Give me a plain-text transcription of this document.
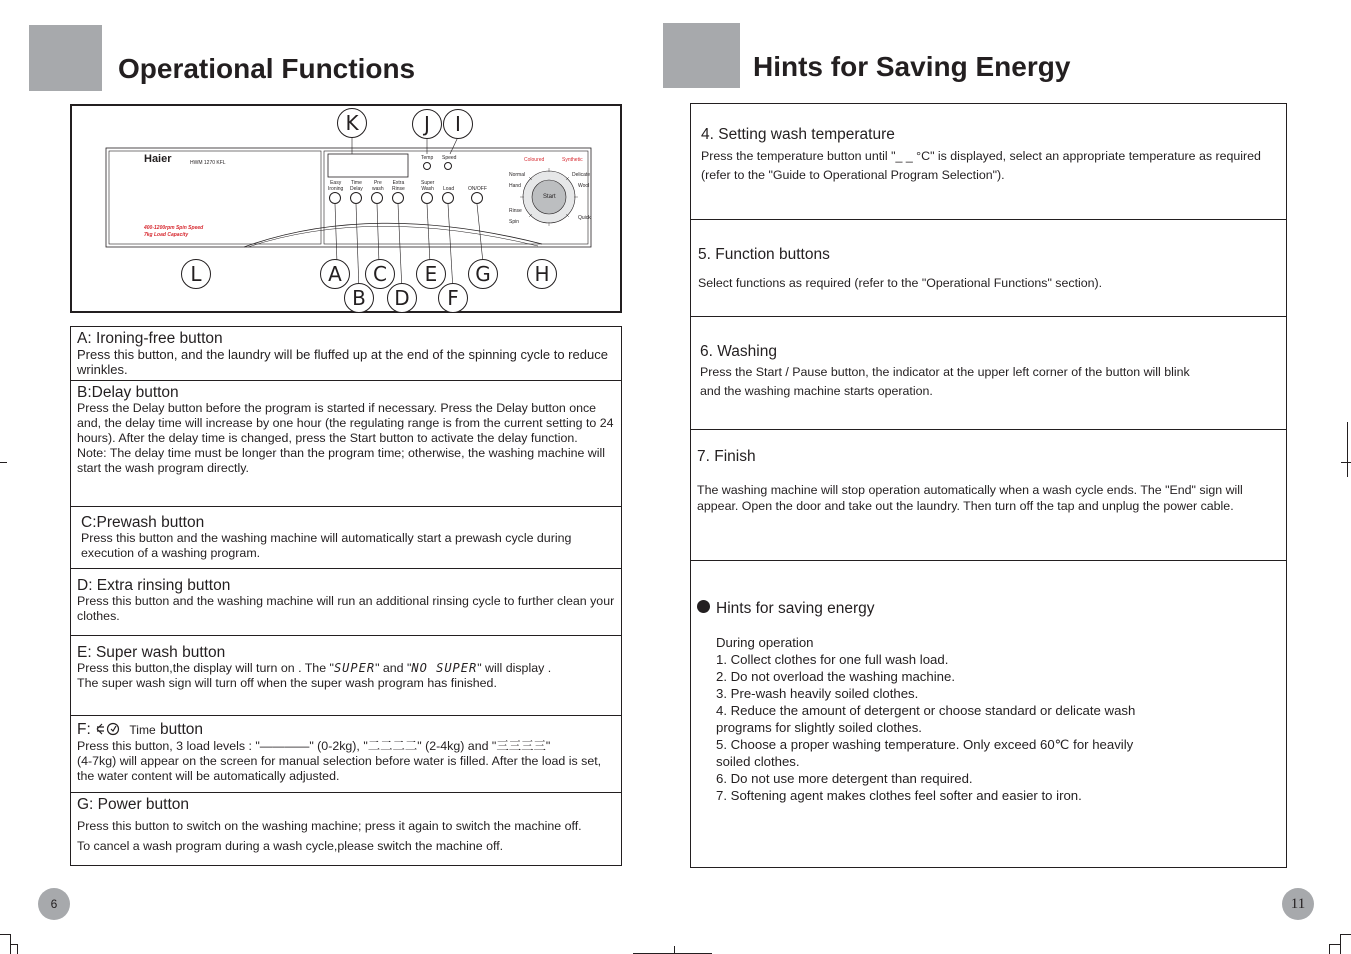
Operational Functions
Haier	HWM 1270 KFL
400-1200rpm Spin Speed
7kg Load Capacity
Temp Speed
Easy
Ironing
Time
Delay
Pre
wash
Extra
Rinse
Super
Wash Load	ON/OFF
Coloured	Synthetic
Normal	Delicate
Hand	Wool
Rinse
Spin
Quick
Start
K	J	I
L	A	C	E	G	H
B	D	F
A: Ironing-free button
Press this button, and the laundry will be fluffed up at the end of the spinning cycle to reduce wrinkles.
B:Delay button
Press the Delay button before the program is started if necessary. Press the Delay button once and, the delay time will increase by one hour (the regulating range is from the current setting to 24 hours). After the delay time is changed, press the Start button to activate the delay function.
Note: The delay time must be longer than the program time; otherwise, the washing machine will start the wash program directly.
C:Prewash button
Press this button and the washing machine will automatically start a prewash cycle during execution of a washing program.
D: Extra rinsing button
Press this button and the washing machine will run an additional rinsing cycle to further clean your clothes.
E: Super wash button
Press this button,the display will turn on . The "SUPER" and "NO SUPER" will display .
The super wash sign will turn off when the super wash program has finished.
F:	Time button
Press this button, 3 load levels : "————" (0-2kg), "二二二二" (2-4kg) and "三三三三"
(4-7kg) will appear on the screen for manual selection before water is filled. After the load is set, the water content will be automatically adjusted.
G: Power button
Press this button to switch on the washing machine; press it again to switch the machine off.
To cancel a wash program during a wash cycle,please switch the machine off.
6
Hints for Saving Energy
4. Setting wash temperature
Press the temperature button until "_ _ °C" is displayed, select an appropriate temperature as required
(refer to the "Guide to Operational Program Selection").
5. Function buttons
Select functions as required (refer to the "Operational Functions" section).
6. Washing
Press the Start / Pause button, the indicator at the upper left corner of the button will blink
and the washing machine starts operation.
7. Finish
The washing machine will stop operation automatically when a wash cycle ends. The "End" sign will
appear. Open the door and take out the laundry. Then turn off the tap and unplug the power cable.
Hints for saving energy
During operation
1. Collect clothes for one full wash load.
2. Do not overload the washing machine.
3. Pre-wash heavily soiled clothes.
4. Reduce the amount of detergent or choose standard or delicate wash
programs for slightly soiled clothes.
5. Choose a proper washing temperature. Only exceed 60℃ for heavily
soiled clothes.
6. Do not use more detergent than required.
7. Softening agent makes clothes feel softer and easier to iron.
11
